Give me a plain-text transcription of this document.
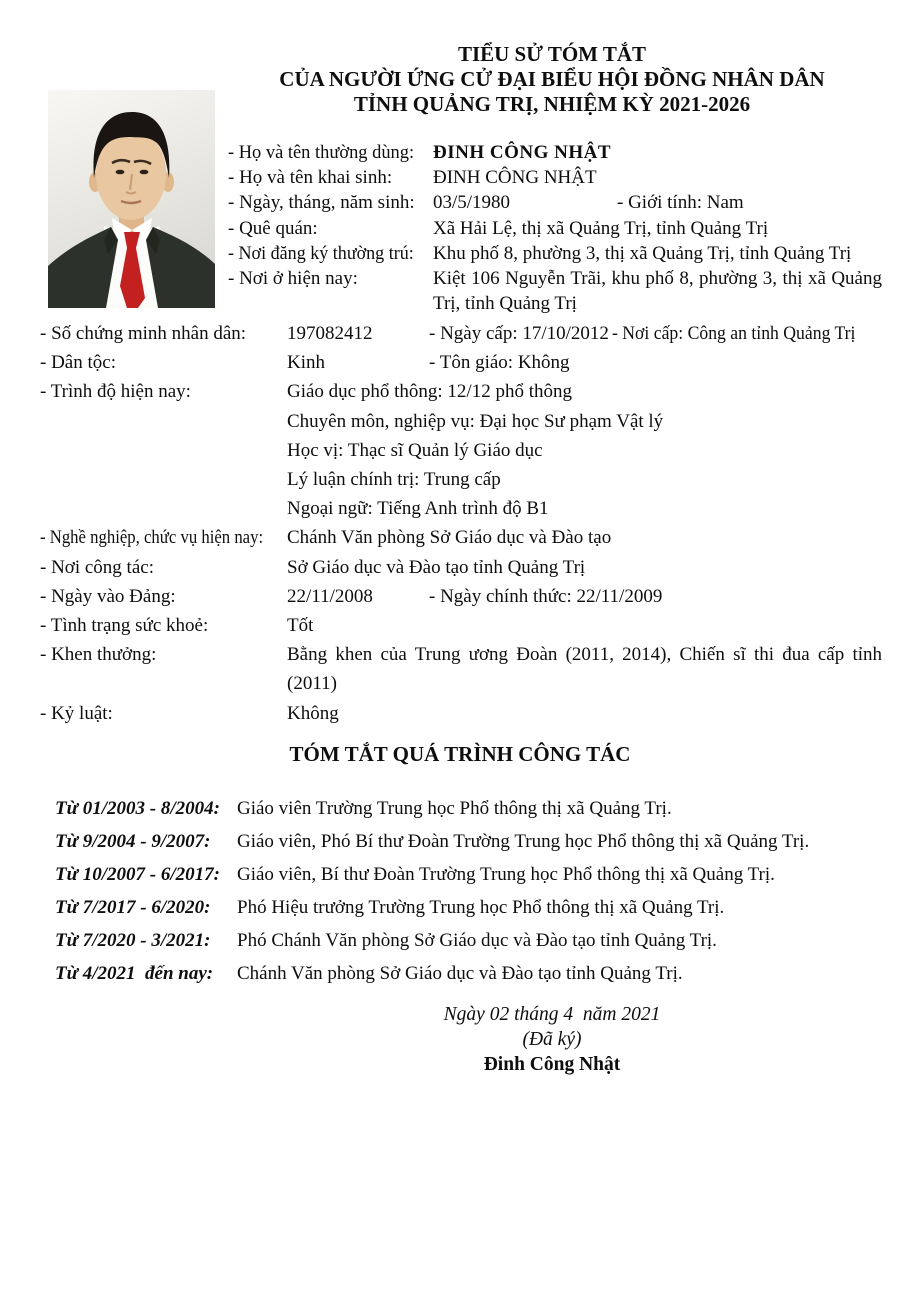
TIỂU SỬ TÓM TẮT
CỦA NGƯỜI ỨNG CỬ ĐẠI BIỂU HỘI ĐỒNG NHÂN DÂN
TỈNH QUẢNG TRỊ, NHIỆM KỲ 2021-2026
- Họ và tên thường dùng: ĐINH CÔNG NHẬT
- Họ và tên khai sinh:	ĐINH CÔNG NHẬT
- Ngày, tháng, năm sinh: 03/5/1980	- Giới tính: Nam
- Quê quán:	Xã Hải Lệ, thị xã Quảng Trị, tỉnh Quảng Trị
- Nơi đăng ký thường trú:	Khu phố 8, phường 3, thị xã Quảng Trị, tỉnh Quảng Trị
- Nơi ở hiện nay:	Kiệt 106 Nguyễn Trãi, khu phố 8, phường 3, thị xã Quảng Trị, tỉnh Quảng Trị
- Số chứng minh nhân dân:	197082412	- Ngày cấp: 17/10/2012 - Nơi cấp: Công an tỉnh Quảng Trị
- Dân tộc:	Kinh	- Tôn giáo: Không
- Trình độ hiện nay:	Giáo dục phổ thông: 12/12 phổ thông
Chuyên môn, nghiệp vụ: Đại học Sư phạm Vật lý
Học vị: Thạc sĩ Quản lý Giáo dục
Lý luận chính trị: Trung cấp
Ngoại ngữ: Tiếng Anh trình độ B1
- Nghề nghiệp, chức vụ hiện nay: Chánh Văn phòng Sở Giáo dục và Đào tạo
- Nơi công tác:	Sở Giáo dục và Đào tạo tỉnh Quảng Trị
- Ngày vào Đảng:	22/11/2008	- Ngày chính thức: 22/11/2009
- Tình trạng sức khoẻ:	Tốt
- Khen thưởng:	Bằng khen của Trung ương Đoàn (2011, 2014), Chiến sĩ thi đua cấp tỉnh (2011)
- Kỷ luật:	Không
TÓM TẮT QUÁ TRÌNH CÔNG TÁC
Từ 01/2003 - 8/2004: Giáo viên Trường Trung học Phổ thông thị xã Quảng Trị.
Từ 9/2004 - 9/2007:	Giáo viên, Phó Bí thư Đoàn Trường Trung học Phổ thông thị xã Quảng Trị.
Từ 10/2007 - 6/2017: Giáo viên, Bí thư Đoàn Trường Trung học Phổ thông thị xã Quảng Trị.
Từ 7/2017 - 6/2020:	Phó Hiệu trưởng Trường Trung học Phổ thông thị xã Quảng Trị.
Từ 7/2020 - 3/2021:	Phó Chánh Văn phòng Sở Giáo dục và Đào tạo tỉnh Quảng Trị.
Từ 4/2021  đến nay:	Chánh Văn phòng Sở Giáo dục và Đào tạo tỉnh Quảng Trị.
Ngày 02 tháng 4  năm 2021
(Đã ký)
Đinh Công Nhật
